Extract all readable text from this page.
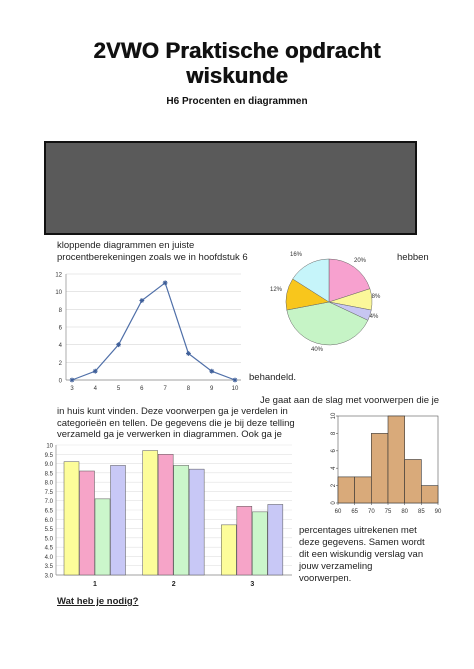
2VWO Praktische opdracht
wiskunde
H6 Procenten en diagrammen
kloppende diagrammen en juiste
procentberekeningen zoals we in hoofdstuk 6	hebben
0
2
4
6
8
10
12
3	4	5	6	7	8	9	10
20%
8%
4%
40%
12%
16%
behandeld.
Je gaat aan de slag met voorwerpen die je
in huis kunt vinden. Deze voorwerpen ga je verdelen in
categorieën en tellen. De gegevens die je bij deze telling
verzameld ga je verwerken in diagrammen. Ook ga je
3.0
3.5
4.0
4.5
5.0
5.5
6.0
6.5
7.0
7.5
8.0
8.5
9.0
9.5
10
1	2	3
0
2
4
6
8
10
60 65 70 75 80 85 90
percentages uitrekenen met
deze gegevens. Samen wordt
dit een wiskundig verslag van
jouw verzameling
voorwerpen.
Wat heb je nodig?
